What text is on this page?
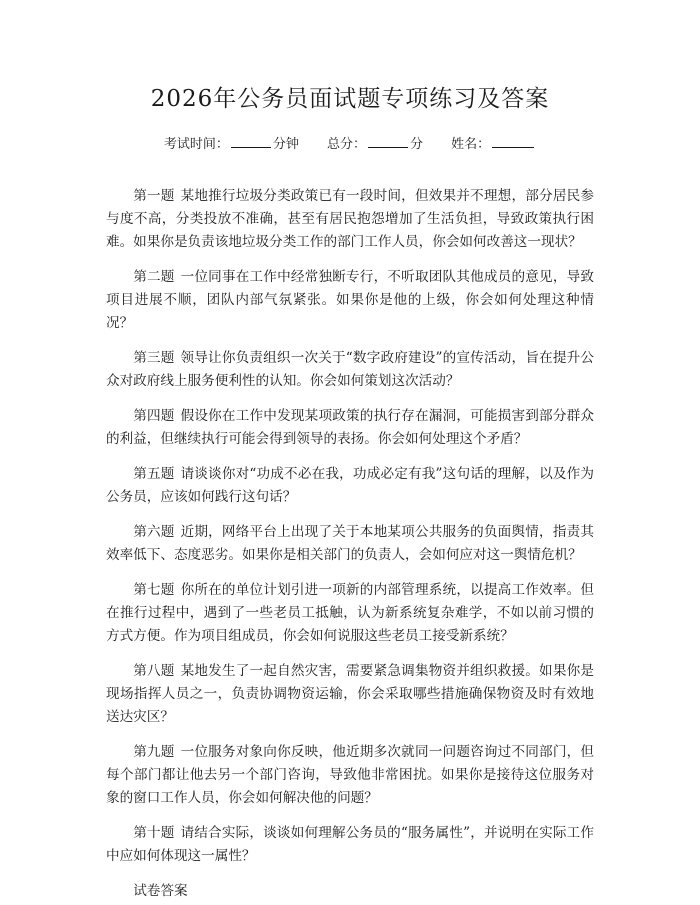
2026年公务员面试题专项练习及答案
考试时间：	分钟 总分：	分 姓名：

第一题 某地推行垃圾分类政策已有一段时间，但效果并不理想，部分居民参与度不高，分类投放不准确，甚至有居民抱怨增加了生活负担，导致政策执行困难。如果你是负责该地垃圾分类工作的部门工作人员，你会如何改善这一现状？

第二题 一位同事在工作中经常独断专行，不听取团队其他成员的意见，导致项目进展不顺，团队内部气氛紧张。如果你是他的上级，你会如何处理这种情况？

第三题 领导让你负责组织一次关于“数字政府建设”的宣传活动，旨在提升公众对政府线上服务便利性的认知。你会如何策划这次活动？

第四题 假设你在工作中发现某项政策的执行存在漏洞，可能损害到部分群众的利益，但继续执行可能会得到领导的表扬。你会如何处理这个矛盾？

第五题 请谈谈你对“功成不必在我，功成必定有我”这句话的理解，以及作为公务员，应该如何践行这句话？

第六题 近期，网络平台上出现了关于本地某项公共服务的负面舆情，指责其效率低下、态度恶劣。如果你是相关部门的负责人，会如何应对这一舆情危机？

第七题 你所在的单位计划引进一项新的内部管理系统，以提高工作效率。但在推行过程中，遇到了一些老员工抵触，认为新系统复杂难学，不如以前习惯的方式方便。作为项目组成员，你会如何说服这些老员工接受新系统？

第八题 某地发生了一起自然灾害，需要紧急调集物资并组织救援。如果你是现场指挥人员之一，负责协调物资运输，你会采取哪些措施确保物资及时有效地送达灾区？

第九题 一位服务对象向你反映，他近期多次就同一问题咨询过不同部门，但每个部门都让他去另一个部门咨询，导致他非常困扰。如果你是接待这位服务对象的窗口工作人员，你会如何解决他的问题？

第十题 请结合实际，谈谈如何理解公务员的“服务属性”，并说明在实际工作中应如何体现这一属性？

试卷答案
